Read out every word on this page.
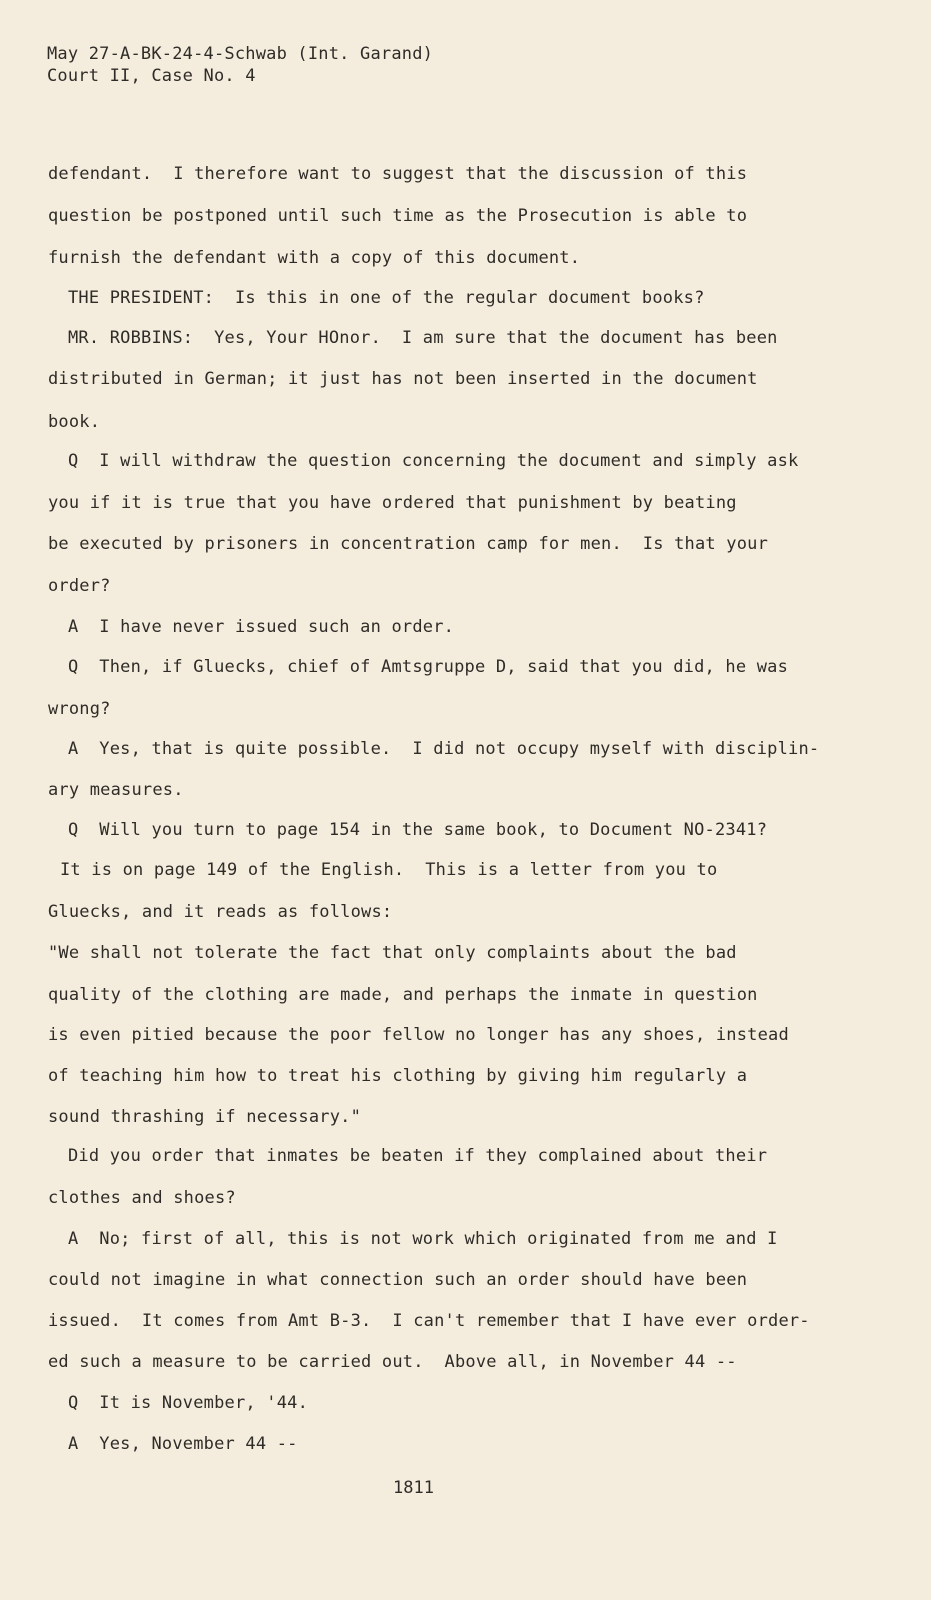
May 27-A-BK-24-4-Schwab (Int. Garand)
Court II, Case No. 4
defendant.  I therefore want to suggest that the discussion of this
question be postponed until such time as the Prosecution is able to
furnish the defendant with a copy of this document.
THE PRESIDENT:  Is this in one of the regular document books?
MR. ROBBINS:  Yes, Your HOnor.  I am sure that the document has been
distributed in German; it just has not been inserted in the document
book.
Q  I will withdraw the question concerning the document and simply ask
you if it is true that you have ordered that punishment by beating
be executed by prisoners in concentration camp for men.  Is that your
order?
A  I have never issued such an order.
Q  Then, if Gluecks, chief of Amtsgruppe D, said that you did, he was
wrong?
A  Yes, that is quite possible.  I did not occupy myself with disciplin-
ary measures.
Q  Will you turn to page 154 in the same book, to Document NO-2341?
It is on page 149 of the English.  This is a letter from you to
Gluecks, and it reads as follows:
"We shall not tolerate the fact that only complaints about the bad
quality of the clothing are made, and perhaps the inmate in question
is even pitied because the poor fellow no longer has any shoes, instead
of teaching him how to treat his clothing by giving him regularly a
sound thrashing if necessary."
Did you order that inmates be beaten if they complained about their
clothes and shoes?
A  No; first of all, this is not work which originated from me and I
could not imagine in what connection such an order should have been
issued.  It comes from Amt B-3.  I can't remember that I have ever order-
ed such a measure to be carried out.  Above all, in November 44 --
Q  It is November, '44.
A  Yes, November 44 --
1811
